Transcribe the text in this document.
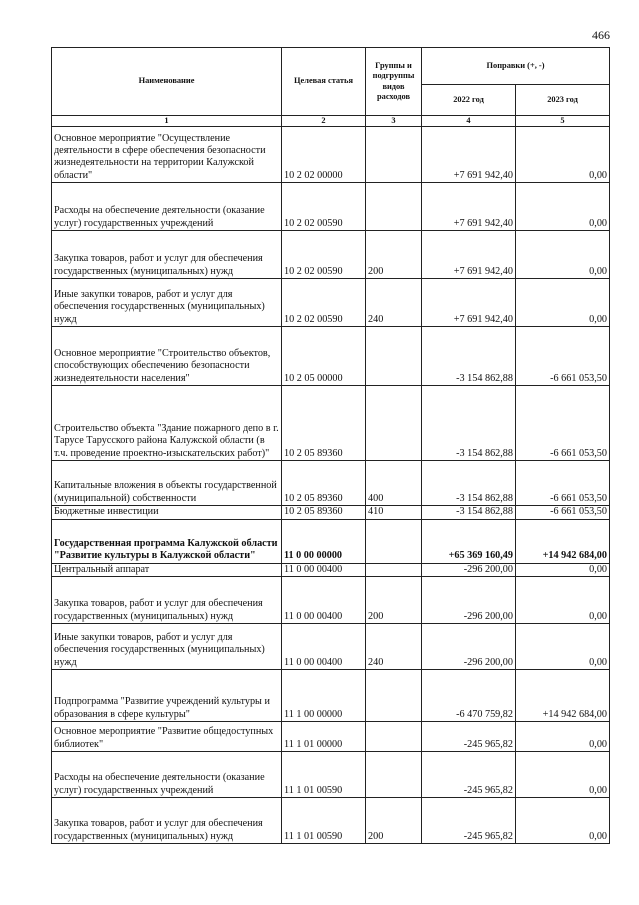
466
Наименование	Целевая статья	Группы и подгруппы видов расходов	Поправки (+, -)	
			2022 год	2023 год
1	2	3	4	5
Основное мероприятие "Осуществление деятельности в сфере обеспечения безопасности жизнедеятельности на территории Калужской области"	10 2 02 00000		+7 691 942,40	0,00
Расходы на обеспечение деятельности (оказание услуг) государственных учреждений	10 2 02 00590		+7 691 942,40	0,00
Закупка товаров, работ и услуг для обеспечения государственных (муниципальных) нужд	10 2 02 00590	200	+7 691 942,40	0,00
Иные закупки товаров, работ и услуг для обеспечения государственных (муниципальных) нужд	10 2 02 00590	240	+7 691 942,40	0,00
Основное мероприятие "Строительство объектов, способствующих обеспечению безопасности жизнедеятельности населения"	10 2 05 00000		-3 154 862,88	-6 661 053,50
Строительство объекта "Здание пожарного депо в г. Тарусе Тарусского района Калужской области (в т.ч. проведение проектно-изыскательских работ)"	10 2 05 89360		-3 154 862,88	-6 661 053,50
Капитальные вложения в объекты государственной (муниципальной) собственности	10 2 05 89360	400	-3 154 862,88	-6 661 053,50
Бюджетные инвестиции	10 2 05 89360	410	-3 154 862,88	-6 661 053,50
Государственная программа Калужской области "Развитие культуры в Калужской области"	11 0 00 00000		+65 369 160,49	+14 942 684,00
Центральный аппарат	11 0 00 00400		-296 200,00	0,00
Закупка товаров, работ и услуг для обеспечения государственных (муниципальных) нужд	11 0 00 00400	200	-296 200,00	0,00
Иные закупки товаров, работ и услуг для обеспечения государственных (муниципальных) нужд	11 0 00 00400	240	-296 200,00	0,00
Подпрограмма "Развитие учреждений культуры и образования в сфере культуры"	11 1 00 00000		-6 470 759,82	+14 942 684,00
Основное мероприятие "Развитие общедоступных библиотек"	11 1 01 00000		-245 965,82	0,00
Расходы на обеспечение деятельности (оказание услуг) государственных учреждений	11 1 01 00590		-245 965,82	0,00
Закупка товаров, работ и услуг для обеспечения государственных (муниципальных) нужд	11 1 01 00590	200	-245 965,82	0,00
